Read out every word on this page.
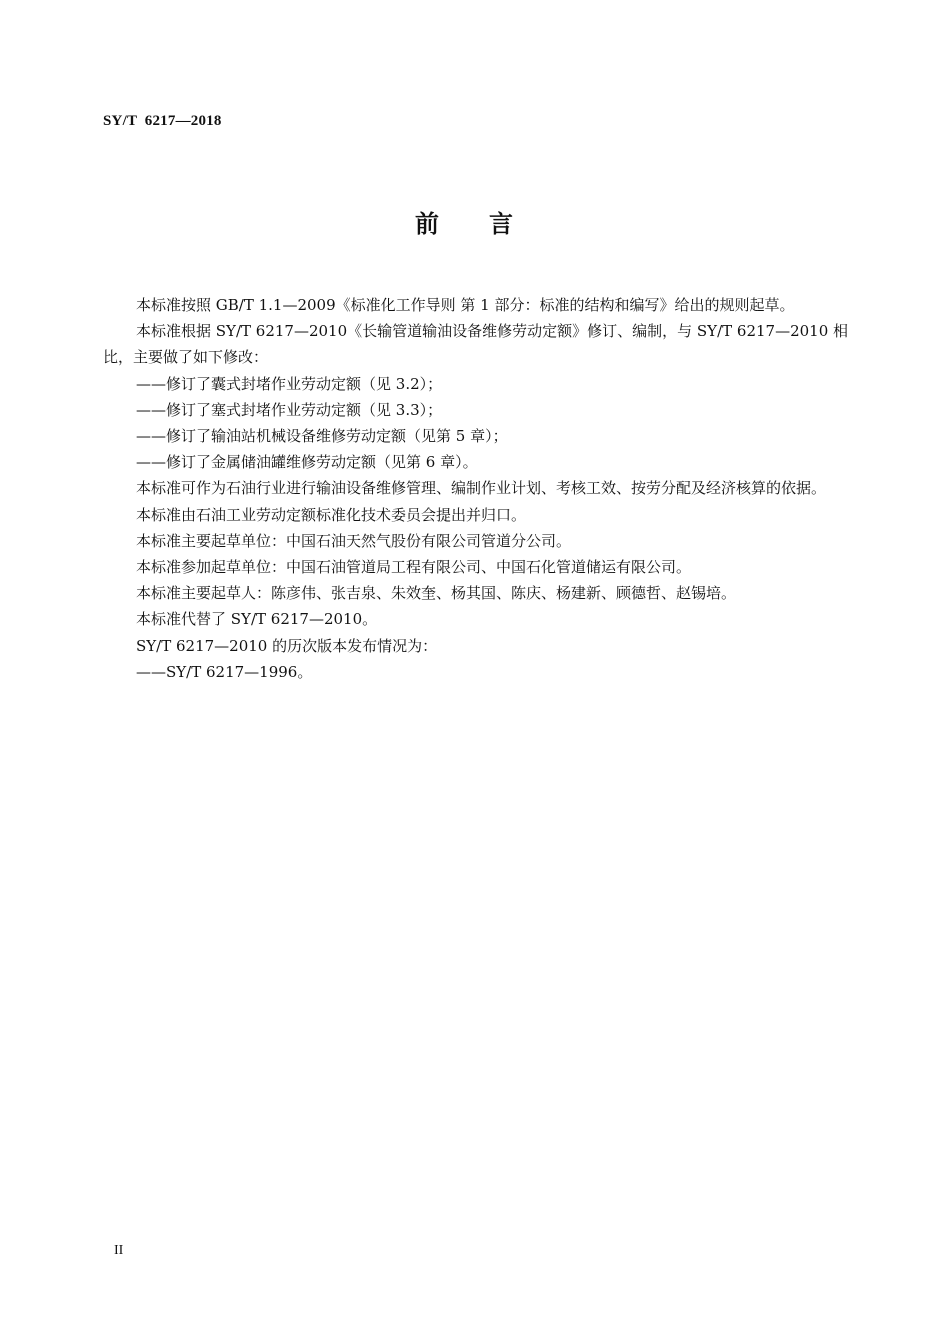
SY/T  6217—2018
前言

本标准按照 GB/T 1.1—2009《标准化工作导则 第 1 部分：标准的结构和编写》给出的规则起草。

本标准根据 SY/T 6217—2010《长输管道输油设备维修劳动定额》修订、编制，与 SY/T 6217—2010 相比，主要做了如下修改：

——修订了囊式封堵作业劳动定额（见 3.2）；

——修订了塞式封堵作业劳动定额（见 3.3）；

——修订了输油站机械设备维修劳动定额（见第 5 章）；

——修订了金属储油罐维修劳动定额（见第 6 章）。

本标准可作为石油行业进行输油设备维修管理、编制作业计划、考核工效、按劳分配及经济核算的依据。

本标准由石油工业劳动定额标准化技术委员会提出并归口。

本标准主要起草单位：中国石油天然气股份有限公司管道分公司。

本标准参加起草单位：中国石油管道局工程有限公司、中国石化管道储运有限公司。

本标准主要起草人：陈彦伟、张吉泉、朱效奎、杨其国、陈庆、杨建新、顾德哲、赵锡培。

本标准代替了 SY/T 6217—2010。

SY/T 6217—2010 的历次版本发布情况为：

——SY/T 6217—1996。

II
